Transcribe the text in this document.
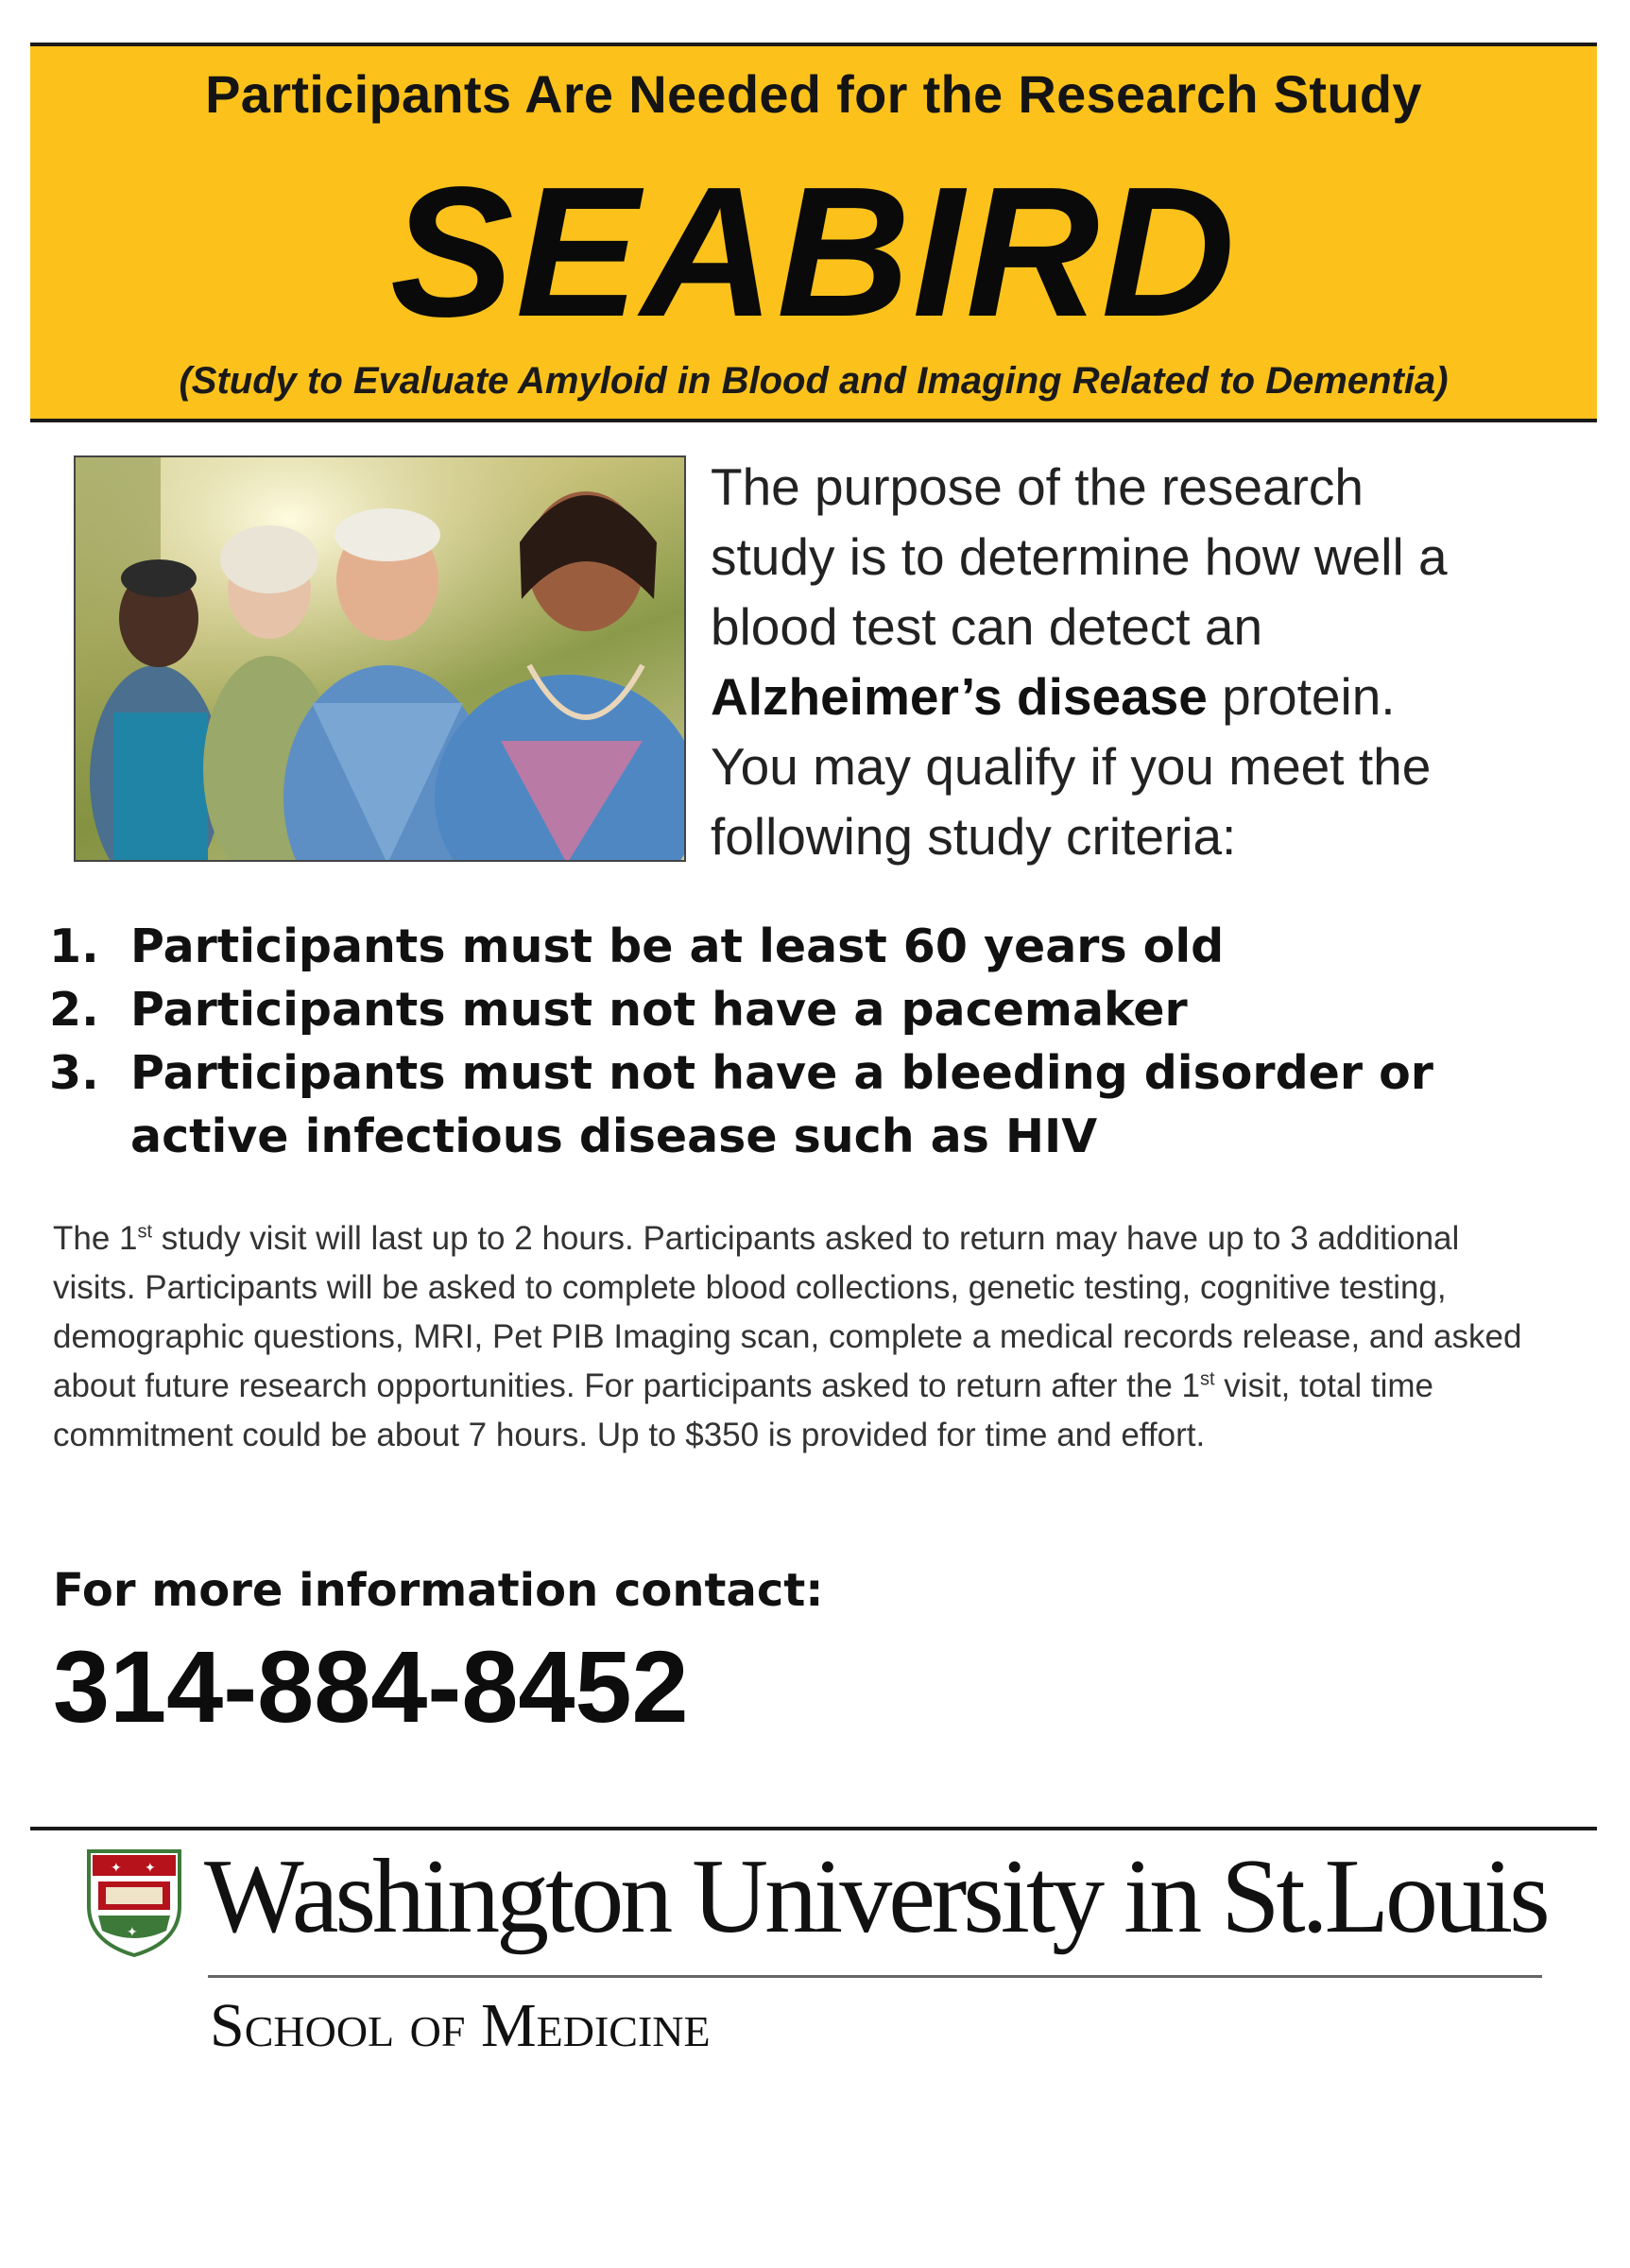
Participants Are Needed for the Research Study
SEABIRD
(Study to Evaluate Amyloid in Blood and Imaging Related to Dementia)
The purpose of the research
study is to determine how well a
blood test can detect an
Alzheimer’s disease protein.
You may qualify if you meet the
following study criteria:
1. Participants must be at least 60 years old
2. Participants must not have a pacemaker
3. Participants must not have a bleeding disorder or active infectious disease such as HIV

The 1st study visit will last up to 2 hours. Participants asked to return may have up to 3 additional visits. Participants will be asked to complete blood collections, genetic testing, cognitive testing, demographic questions, MRI, Pet PIB Imaging scan, complete a medical records release, and asked about future research opportunities. For participants asked to return after the 1st visit, total time commitment could be about 7 hours. Up to $350 is provided for time and effort.

For more information contact:
314-884-8452
✦ ✦
✦ Washington University in St.Louis
School of Medicine
